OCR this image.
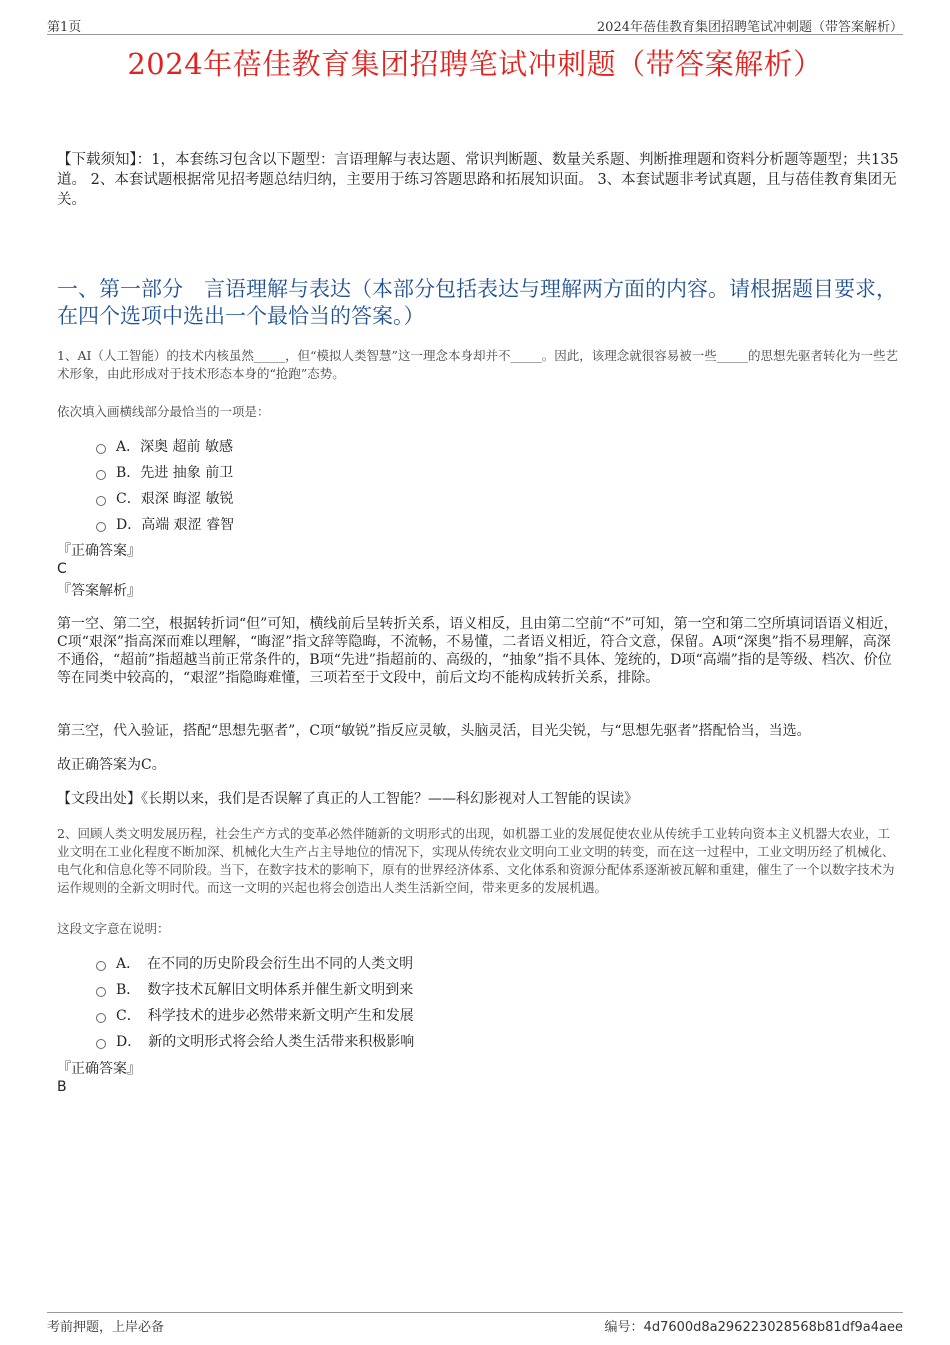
第1页	2024年蓓佳教育集团招聘笔试冲刺题（带答案解析）
2024年蓓佳教育集团招聘笔试冲刺题（带答案解析）
【下载须知】：1，本套练习包含以下题型：言语理解与表达题、常识判断题、数量关系题、判断推理题和资料分析题等题型；共135道。 2、本套试题根据常见招考题总结归纳，主要用于练习答题思路和拓展知识面。 3、本套试题非考试真题，且与蓓佳教育集团无关。
一、第一部分　言语理解与表达（本部分包括表达与理解两方面的内容。请根据题目要求，在四个选项中选出一个最恰当的答案。）
1、AI（人工智能）的技术内核虽然_____，但“模拟人类智慧”这一理念本身却并不_____。因此，该理念就很容易被一些_____的思想先驱者转化为一些艺术形象，由此形成对于技术形态本身的“抢跑”态势。
依次填入画横线部分最恰当的一项是：
A．深奥 超前 敏感
B．先进 抽象 前卫
C．艰深 晦涩 敏锐
D．高端 艰涩 睿智
『正确答案』
C
『答案解析』
第一空、第二空，根据转折词“但”可知，横线前后呈转折关系，语义相反，且由第二空前“不”可知，第一空和第二空所填词语语义相近，C项“艰深”指高深而难以理解，“晦涩”指文辞等隐晦，不流畅，不易懂，二者语义相近，符合文意，保留。A项“深奥”指不易理解，高深不通俗，“超前”指超越当前正常条件的，B项“先进”指超前的、高级的，“抽象”指不具体、笼统的，D项“高端”指的是等级、档次、价位等在同类中较高的，“艰涩”指隐晦难懂，三项若至于文段中，前后文均不能构成转折关系，排除。
第三空，代入验证，搭配“思想先驱者”，C项“敏锐”指反应灵敏，头脑灵活，目光尖锐，与“思想先驱者”搭配恰当，当选。
故正确答案为C。
【文段出处】《长期以来，我们是否误解了真正的人工智能？——科幻影视对人工智能的误读》
2、回顾人类文明发展历程，社会生产方式的变革必然伴随新的文明形式的出现，如机器工业的发展促使农业从传统手工业转向资本主义机器大农业，工业文明在工业化程度不断加深、机械化大生产占主导地位的情况下，实现从传统农业文明向工业文明的转变，而在这一过程中，工业文明历经了机械化、电气化和信息化等不同阶段。当下，在数字技术的影响下，原有的世界经济体系、文化体系和资源分配体系逐渐被瓦解和重建，催生了一个以数字技术为运作规则的全新文明时代。而这一文明的兴起也将会创造出人类生活新空间，带来更多的发展机遇。
这段文字意在说明：
A．　在不同的历史阶段会衍生出不同的人类文明
B．　数字技术瓦解旧文明体系并催生新文明到来
C．　科学技术的进步必然带来新文明产生和发展
D．　新的文明形式将会给人类生活带来积极影响
『正确答案』
B
考前押题，上岸必备	编号：4d7600d8a296223028568b81df9a4aee
